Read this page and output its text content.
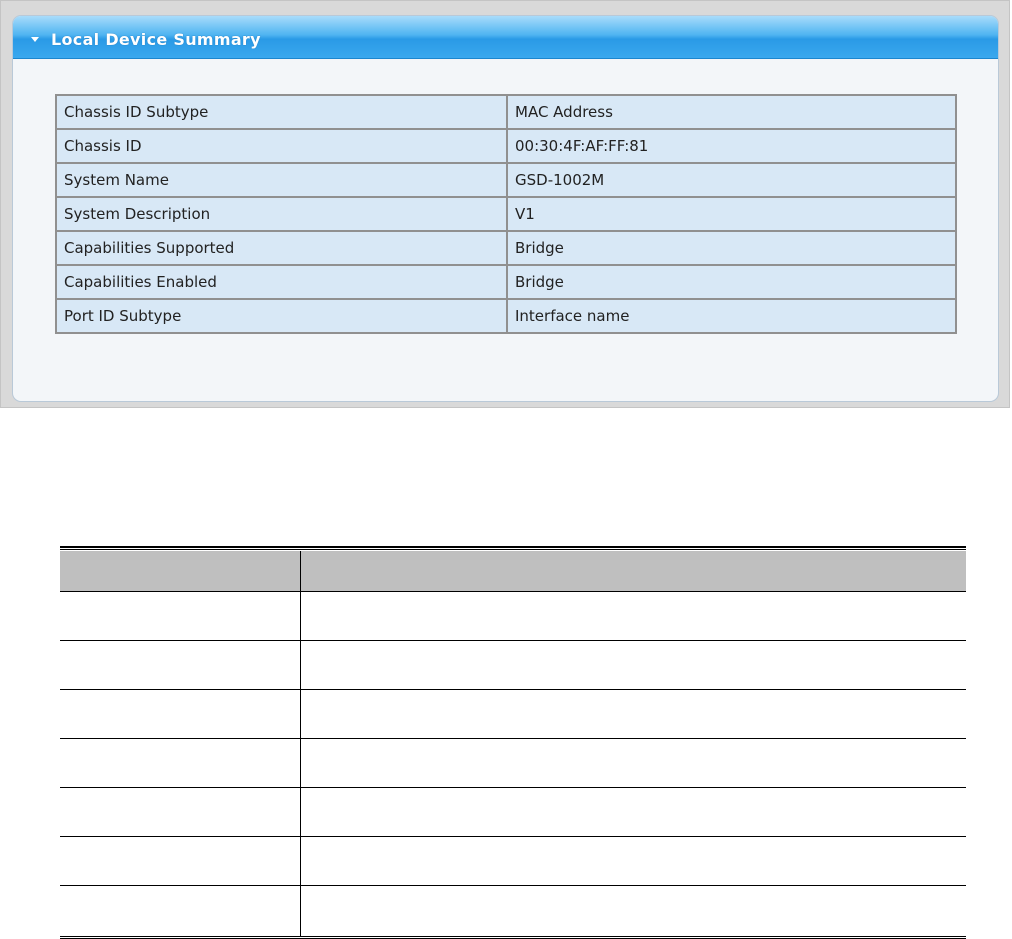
Local Device Summary
Chassis ID Subtype	MAC Address
Chassis ID	00:30:4F:AF:FF:81
System Name	GSD-1002M
System Description	V1
Capabilities Supported	Bridge
Capabilities Enabled	Bridge
Port ID Subtype	Interface name
